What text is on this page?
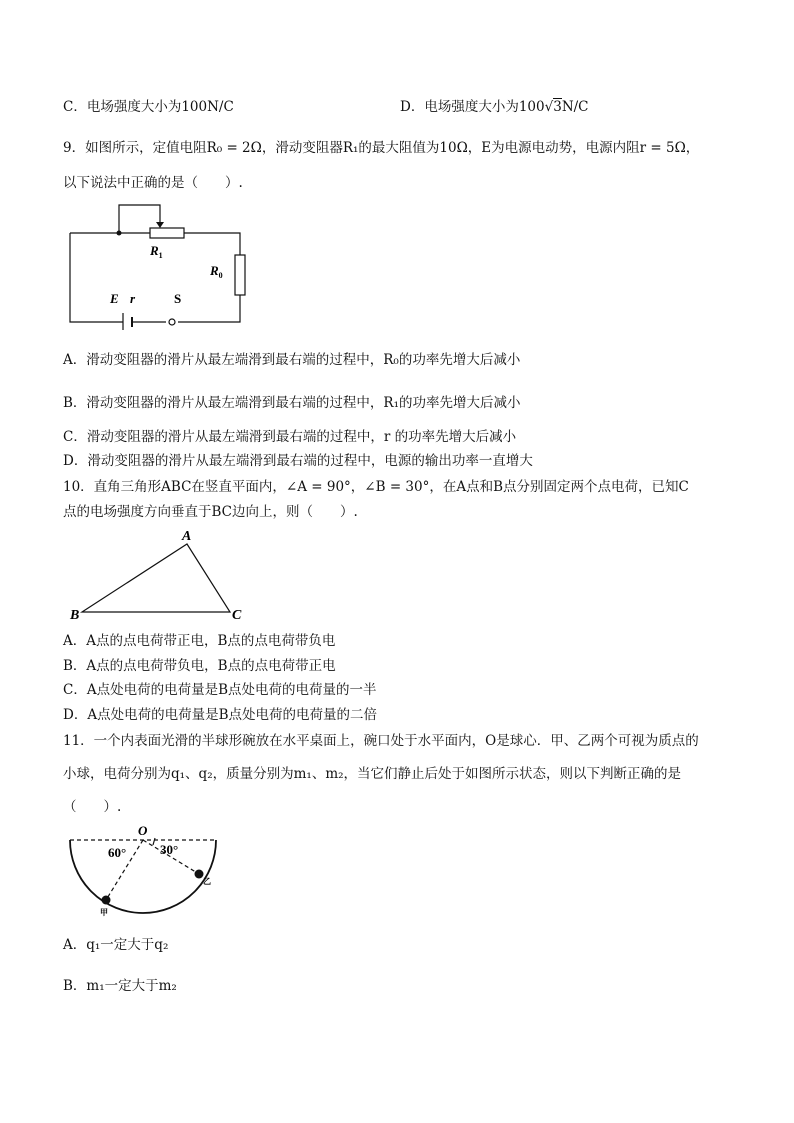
C．电场强度大小为100N/C	D．电场强度大小为100√3N/C
9．如图所示，定值电阻R₀ = 2Ω，滑动变阻器R₁的最大阻值为10Ω，E为电源电动势，电源内阻r = 5Ω，
以下说法中正确的是（　　）.
$R_1$
$R_0$
E r	S
A．滑动变阻器的滑片从最左端滑到最右端的过程中，R₀的功率先增大后减小
B．滑动变阻器的滑片从最左端滑到最右端的过程中，R₁的功率先增大后减小
C．滑动变阻器的滑片从最左端滑到最右端的过程中，r 的功率先增大后减小
D．滑动变阻器的滑片从最左端滑到最右端的过程中，电源的输出功率一直增大
10．直角三角形ABC在竖直平面内，∠A = 90°，∠B = 30°，在A点和B点分别固定两个点电荷，已知C
点的电场强度方向垂直于BC边向上，则（　　）.
A
B	C
A．A点的点电荷带正电，B点的点电荷带负电
B．A点的点电荷带负电，B点的点电荷带正电
C．A点处电荷的电荷量是B点处电荷的电荷量的一半
D．A点处电荷的电荷量是B点处电荷的电荷量的二倍
11．一个内表面光滑的半球形碗放在水平桌面上，碗口处于水平面内，O是球心．甲、乙两个可视为质点的
小球，电荷分别为q₁、q₂，质量分别为m₁、m₂，当它们静止后处于如图所示状态，则以下判断正确的是
（　　）.
O
60°	30°
甲
乙
A．q₁一定大于q₂
B．m₁一定大于m₂
